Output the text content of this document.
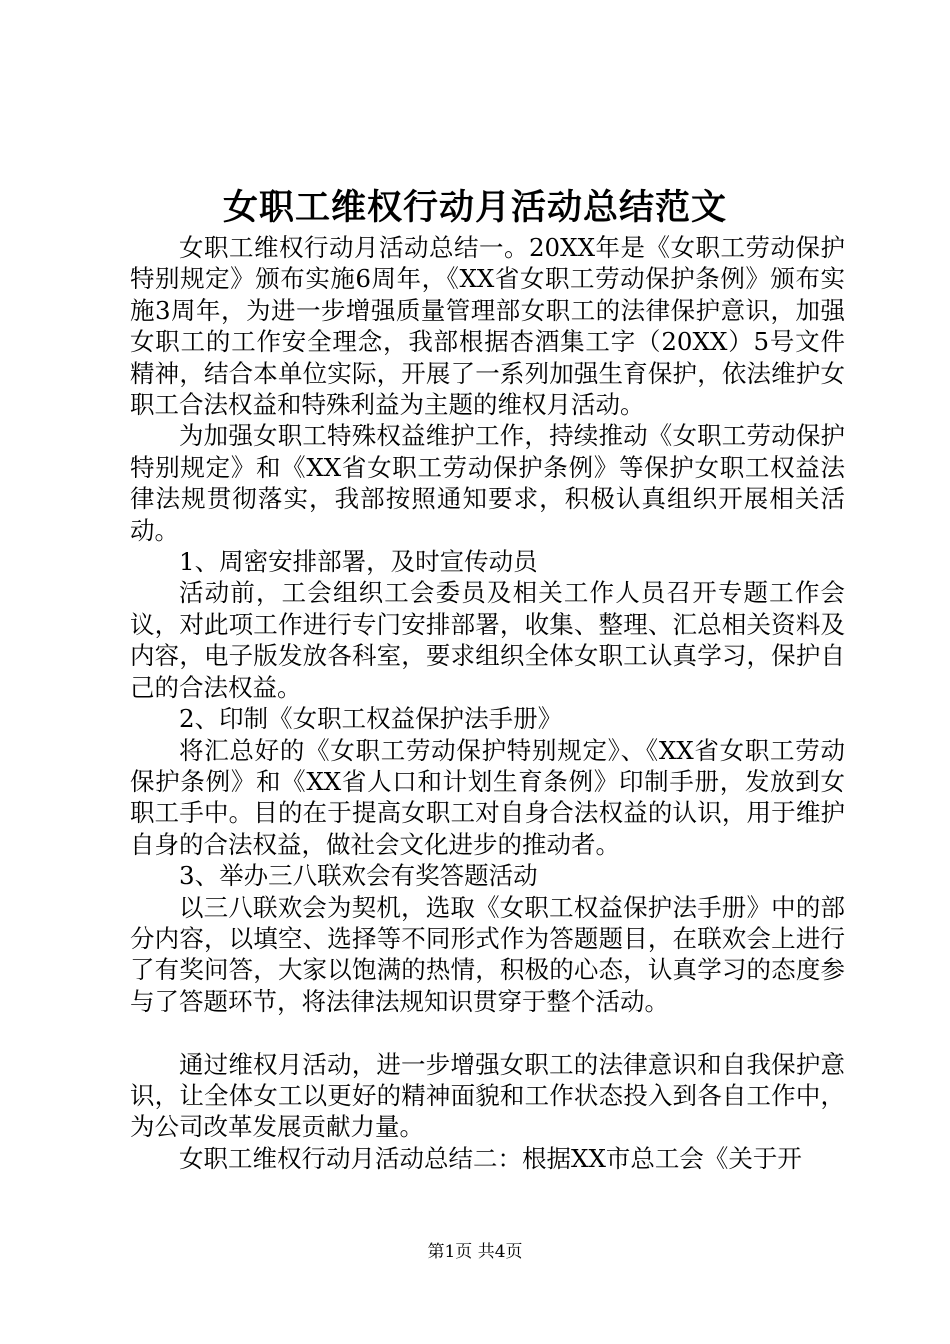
女职工维权行动月活动总结范文

女职工维权行动月活动总结一。20XX年是《女职工劳动保护特别规定》颁布实施6周年，《XX省女职工劳动保护条例》颁布实施3周年，为进一步增强质量管理部女职工的法律保护意识，加强女职工的工作安全理念，我部根据杏酒集工字（20XX）5号文件精神，结合本单位实际，开展了一系列加强生育保护，依法维护女职工合法权益和特殊利益为主题的维权月活动。

为加强女职工特殊权益维护工作，持续推动《女职工劳动保护特别规定》和《XX省女职工劳动保护条例》等保护女职工权益法律法规贯彻落实，我部按照通知要求，积极认真组织开展相关活动。

1、周密安排部署，及时宣传动员

活动前，工会组织工会委员及相关工作人员召开专题工作会议，对此项工作进行专门安排部署，收集、整理、汇总相关资料及内容，电子版发放各科室，要求组织全体女职工认真学习，保护自己的合法权益。

2、印制《女职工权益保护法手册》

将汇总好的《女职工劳动保护特别规定》、《XX省女职工劳动保护条例》和《XX省人口和计划生育条例》印制手册，发放到女职工手中。目的在于提高女职工对自身合法权益的认识，用于维护自身的合法权益，做社会文化进步的推动者。

3、举办三八联欢会有奖答题活动

以三八联欢会为契机，选取《女职工权益保护法手册》中的部分内容，以填空、选择等不同形式作为答题题目，在联欢会上进行了有奖问答，大家以饱满的热情，积极的心态，认真学习的态度参与了答题环节，将法律法规知识贯穿于整个活动。

通过维权月活动，进一步增强女职工的法律意识和自我保护意识，让全体女工以更好的精神面貌和工作状态投入到各自工作中，为公司改革发展贡献力量。

女职工维权行动月活动总结二：根据XX市总工会《关于开

第1页 共4页
